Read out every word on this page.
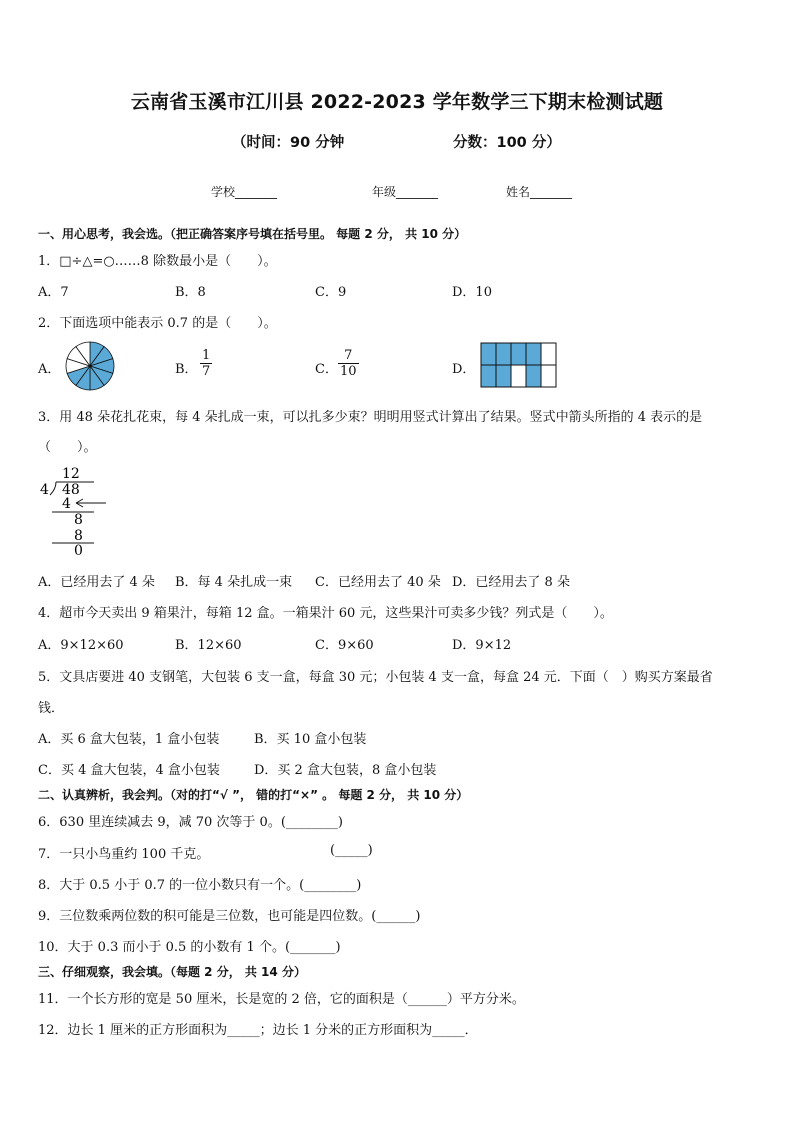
云南省玉溪市江川县 2022-2023 学年数学三下期末检测试题
（时间：90 分钟	分数：100 分）
学校_______	年级_______	姓名_______
一、用心思考，我会选。（把正确答案序号填在括号里。 每题 2 分， 共 10 分）
1．□÷△=○……8 除数最小是（　　）。
A．7	B．8	C．9	D．10
2．下面选项中能表示 0.7 的是（　　）。
A．	B． $\frac{1}{7}$	C． $\frac{7}{10}$	D．
3．用 48 朵花扎花束，每 4 朵扎成一束，可以扎多少束？明明用竖式计算出了结果。竖式中箭头所指的 4 表示的是
（　　）。
12
4 48
4
8
8
0
A．已经用去了 4 朵 B．每 4 朵扎成一束 C．已经用去了 40 朵 D．已经用去了 8 朵
4．超市今天卖出 9 箱果汁，每箱 12 盒。一箱果汁 60 元，这些果汁可卖多少钱？列式是（　　）。
A．9×12×60	B．12×60	C．9×60	D．9×12
5．文具店要进 40 支钢笔，大包装 6 支一盒，每盒 30 元；小包装 4 支一盒，每盒 24 元．下面（　）购买方案最省
钱．
A．买 6 盒大包装，1 盒小包装	B．买 10 盒小包装
C．买 4 盒大包装，4 盒小包装	D．买 2 盒大包装，8 盒小包装
二、认真辨析，我会判。（对的打“√ ”， 错的打“×” 。 每题 2 分， 共 10 分）
6．630 里连续减去 9，减 70 次等于 0。(________)
7．一只小鸟重约 100 千克。	(_____)
8．大于 0.5 小于 0.7 的一位小数只有一个。(________)
9．三位数乘两位数的积可能是三位数，也可能是四位数。(______)
10．大于 0.3 而小于 0.5 的小数有 1 个。(_______)
三、仔细观察，我会填。（每题 2 分， 共 14 分）
11．一个长方形的宽是 50 厘米，长是宽的 2 倍，它的面积是（______）平方分米。
12．边长 1 厘米的正方形面积为_____；边长 1 分米的正方形面积为_____．
